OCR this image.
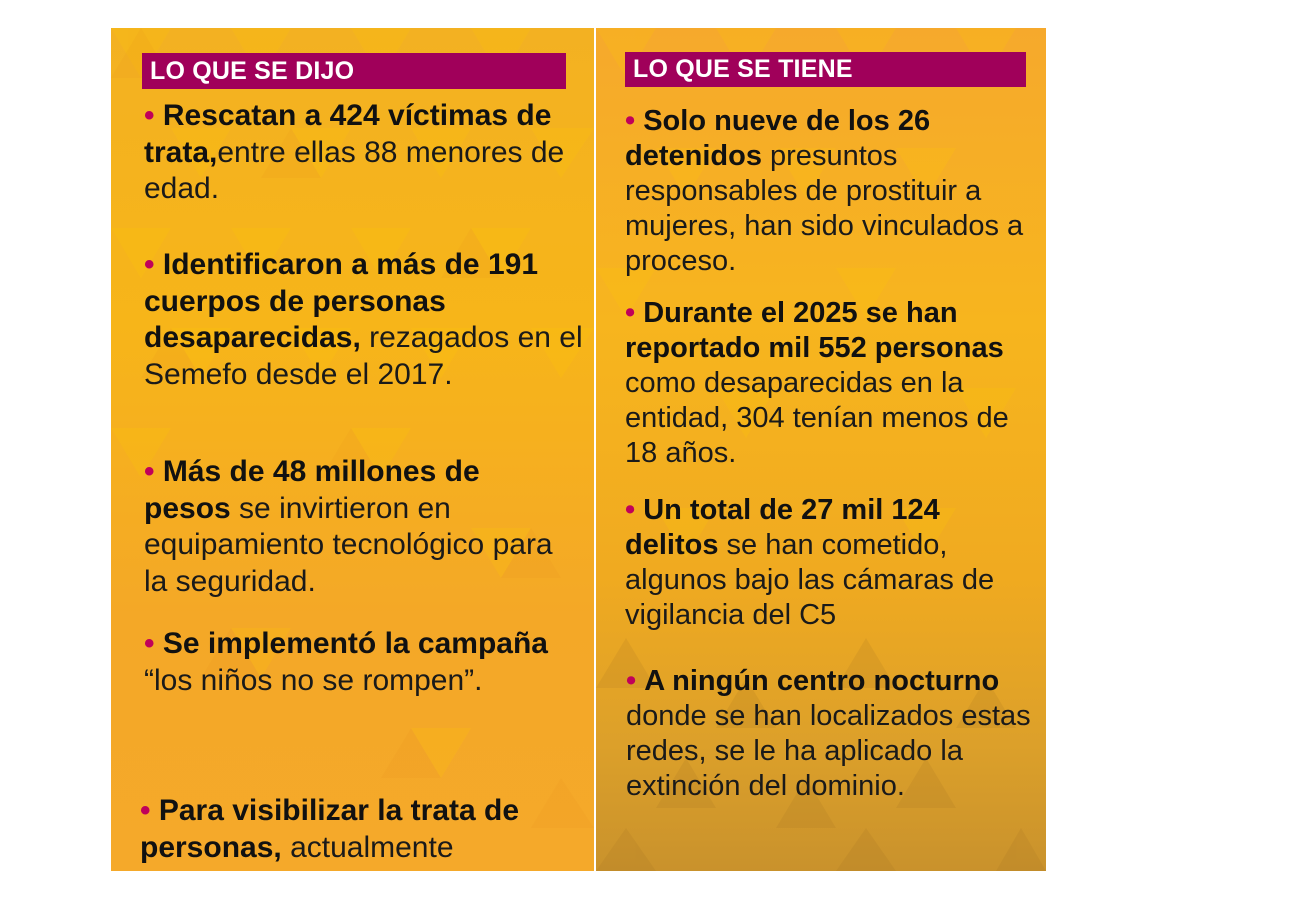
LO QUE SE DIJO

• Rescatan a 424 víctimas de trata,entre ellas 88 menores de edad.

• Identificaron a más de 191 cuerpos de personas desaparecidas, rezagados en el Semefo desde el 2017.

• Más de 48 millones de pesos se invirtieron en equipamiento tecnológico para la seguridad.

• Se implementó la campaña “los niños no se rompen”.

• Para visibilizar la trata de personas, actualmente

LO QUE SE TIENE

• Solo nueve de los 26 detenidos presuntos responsables de prostituir a mujeres, han sido vinculados a proceso.

• Durante el 2025 se han reportado mil 552 personas como desaparecidas en la entidad, 304 tenían menos de 18 años.

• Un total de 27 mil 124 delitos se han cometido, algunos bajo las cámaras de vigilancia del C5

• A ningún centro nocturno donde se han localizados estas redes, se le ha aplicado la extinción del dominio.
